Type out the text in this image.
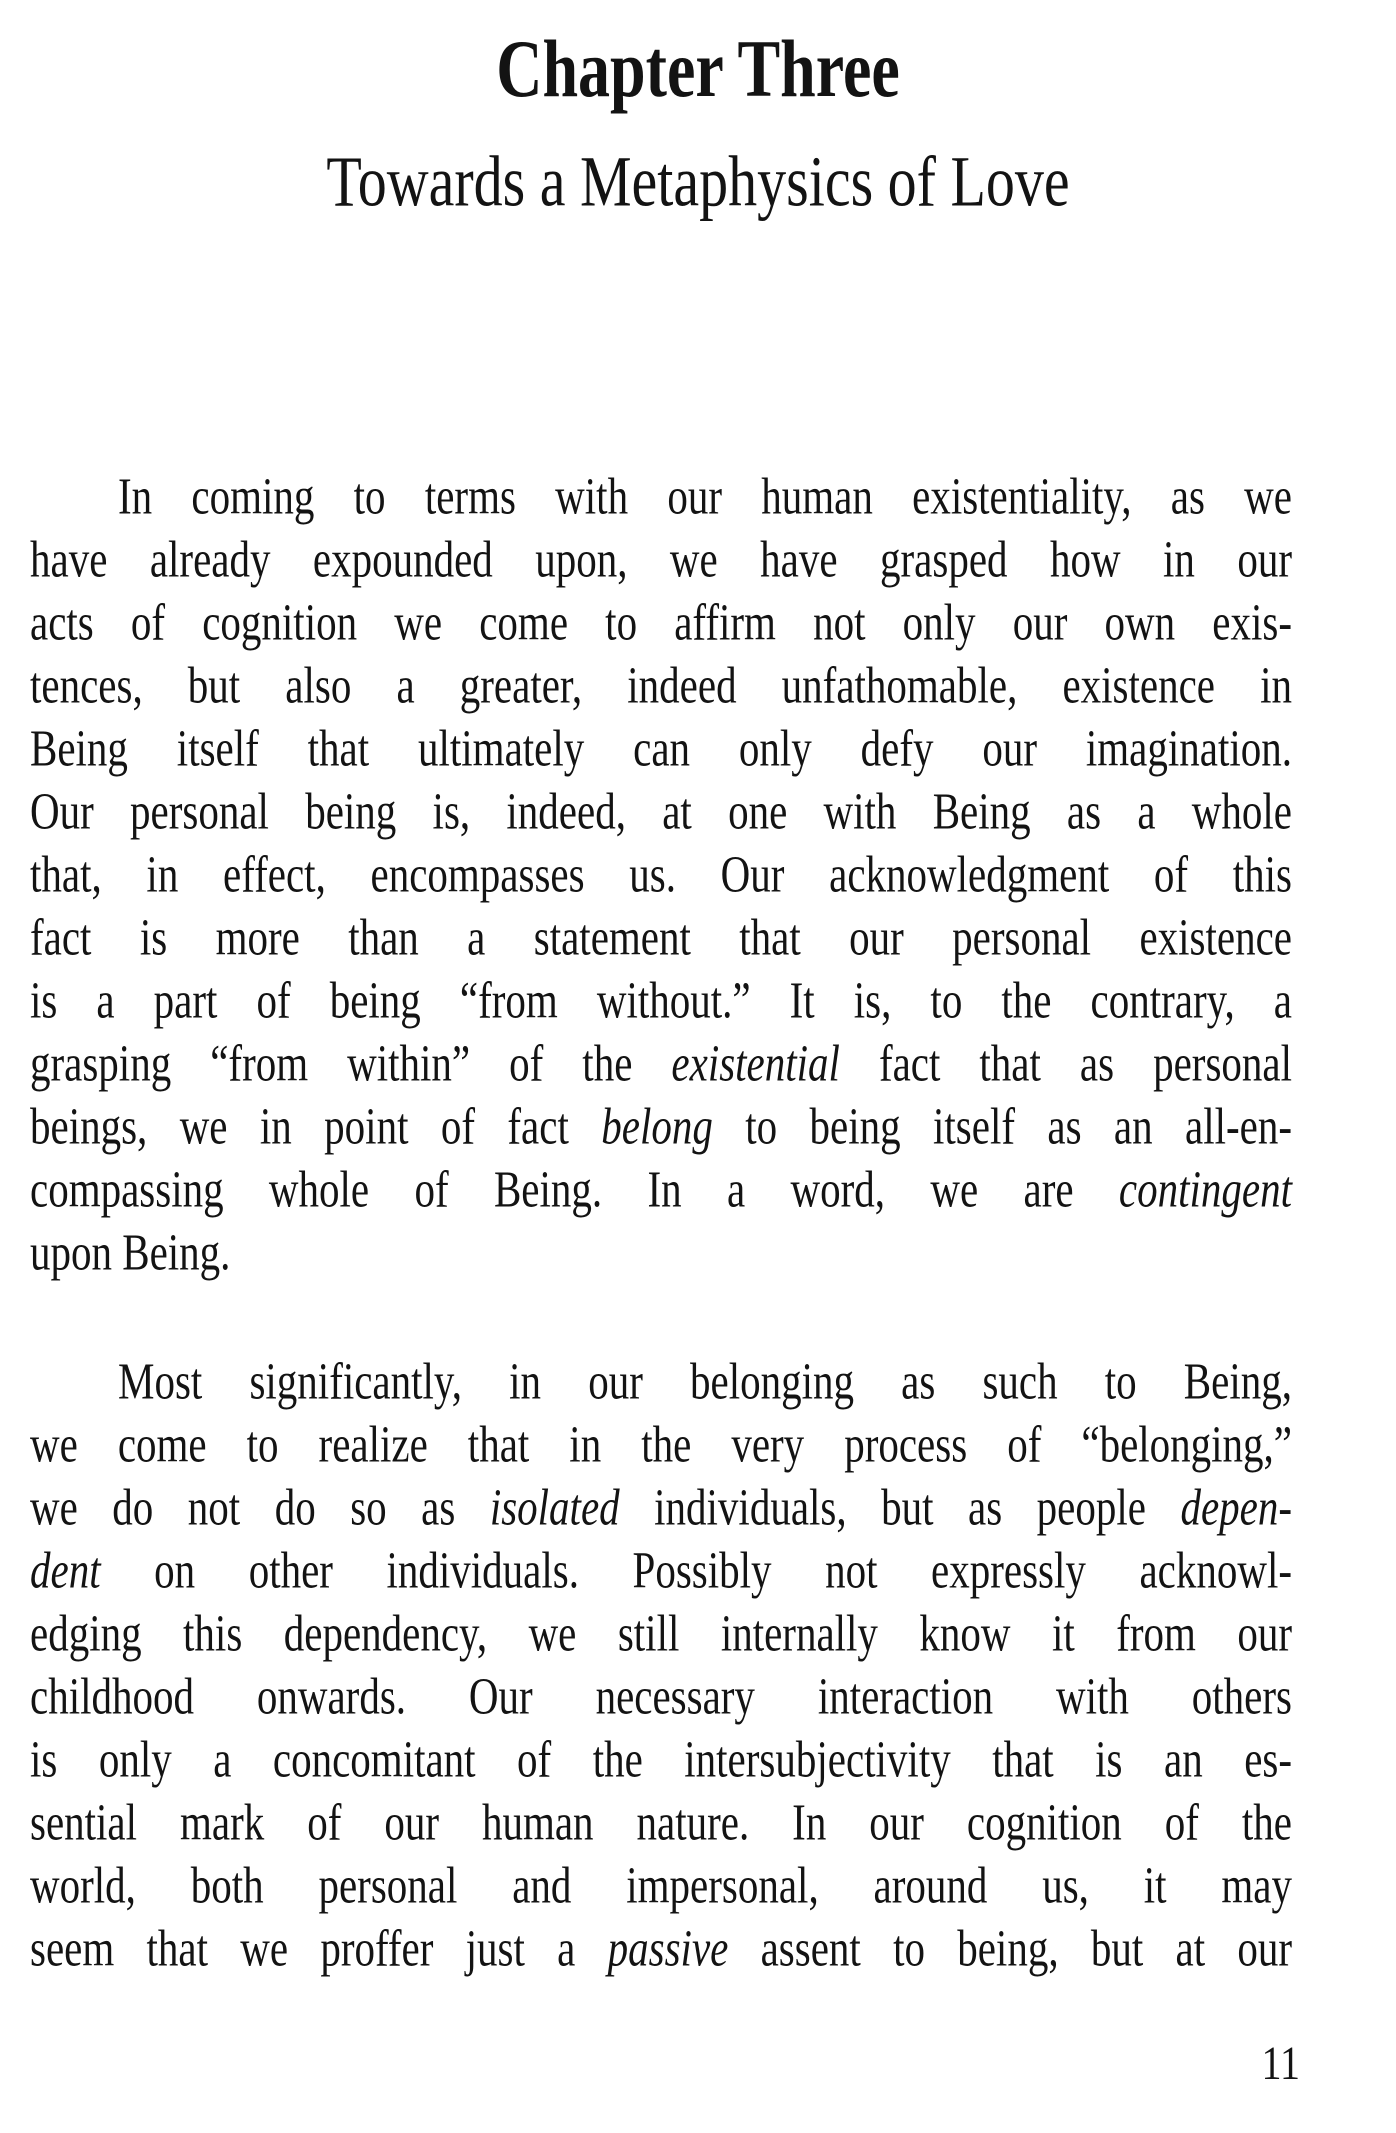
Chapter Three
Towards a Metaphysics of Love
In coming to terms with our human existentiality, as we
have already expounded upon, we have grasped how in our
acts of cognition we come to affirm not only our own exis-
tences, but also a greater, indeed unfathomable, existence in
Being itself that ultimately can only defy our imagination.
Our personal being is, indeed, at one with Being as a whole
that, in effect, encompasses us. Our acknowledgment of this
fact is more than a statement that our personal existence
is a part of being “from without.” It is, to the contrary, a
grasping “from within” of the existential fact that as personal
beings, we in point of fact belong to being itself as an all-en-
compassing whole of Being. In a word, we are contingent
upon Being.
Most significantly, in our belonging as such to Being,
we come to realize that in the very process of “belonging,”
we do not do so as isolated individuals, but as people depen-
dent on other individuals. Possibly not expressly acknowl-
edging this dependency, we still internally know it from our
childhood onwards. Our necessary interaction with others
is only a concomitant of the intersubjectivity that is an es-
sential mark of our human nature. In our cognition of the
world, both personal and impersonal, around us, it may
seem that we proffer just a passive assent to being, but at our
11
